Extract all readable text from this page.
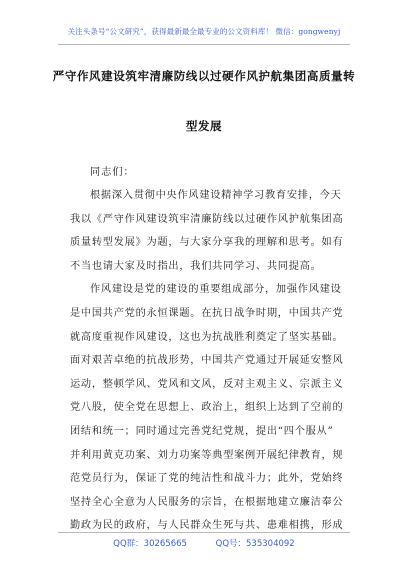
关注头条号“公文研究”，获得最新最全最专业的公文资料库！ 微信：gongwenyj
严守作风建设筑牢清廉防线以过硬作风护航集团高质量转
型发展
同志们：
根据深入贯彻中央作风建设精神学习教育安排，今天
我以《严守作风建设筑牢清廉防线以过硬作风护航集团高
质量转型发展》为题，与大家分享我的理解和思考。如有
不当也请大家及时指出，我们共同学习、共同提高。
作风建设是党的建设的重要组成部分，加强作风建设
是中国共产党的永恒课题。在抗日战争时期，中国共产党
就高度重视作风建设，这也为抗战胜利奠定了坚实基础。
面对艰苦卓绝的抗战形势，中国共产党通过开展延安整风
运动，整顿学风、党风和文风，反对主观主义、宗派主义
党八股，使全党在思想上、政治上，组织上达到了空前的
团结和统一；同时通过完善党纪党规，提出“四个服从”
并利用黄克功案、刘力功案等典型案例开展纪律教育，规
范党员行为，保证了党的纯洁性和战斗力；此外，党始终
坚持全心全意为人民服务的宗旨，在根据地建立廉洁奉公
勤政为民的政府，与人民群众生死与共、患难相携，形成
QQ群：30265665 QQ号：535304092
